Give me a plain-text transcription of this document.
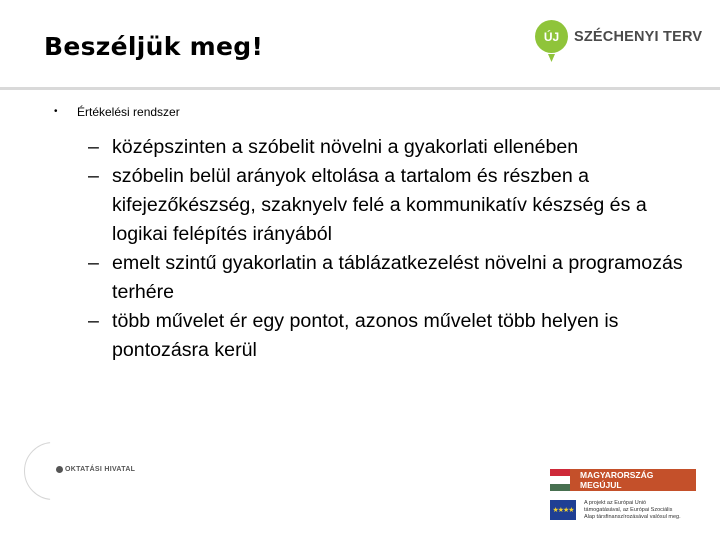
Beszéljük meg!	ÚJ	SZÉCHENYI TERV
• Értékelési rendszer
– középszinten a szóbelit növelni a gyakorlati ellenében
– szóbelin belül arányok eltolása a tartalom és részben a kifejezőkészség, szaknyelv felé a kommunikatív készség és a logikai felépítés irányából
– emelt szintű gyakorlatin a táblázatkezelést növelni a programozás terhére
– több művelet ér egy pontot, azonos művelet több helyen is pontozásra kerül
OKTATÁSI HIVATAL
MAGYARORSZÁG MEGÚJUL
★★★★
A projekt az Európai Unió támogatásával, az Európai Szociális Alap társfinanszírozásával valósul meg.
